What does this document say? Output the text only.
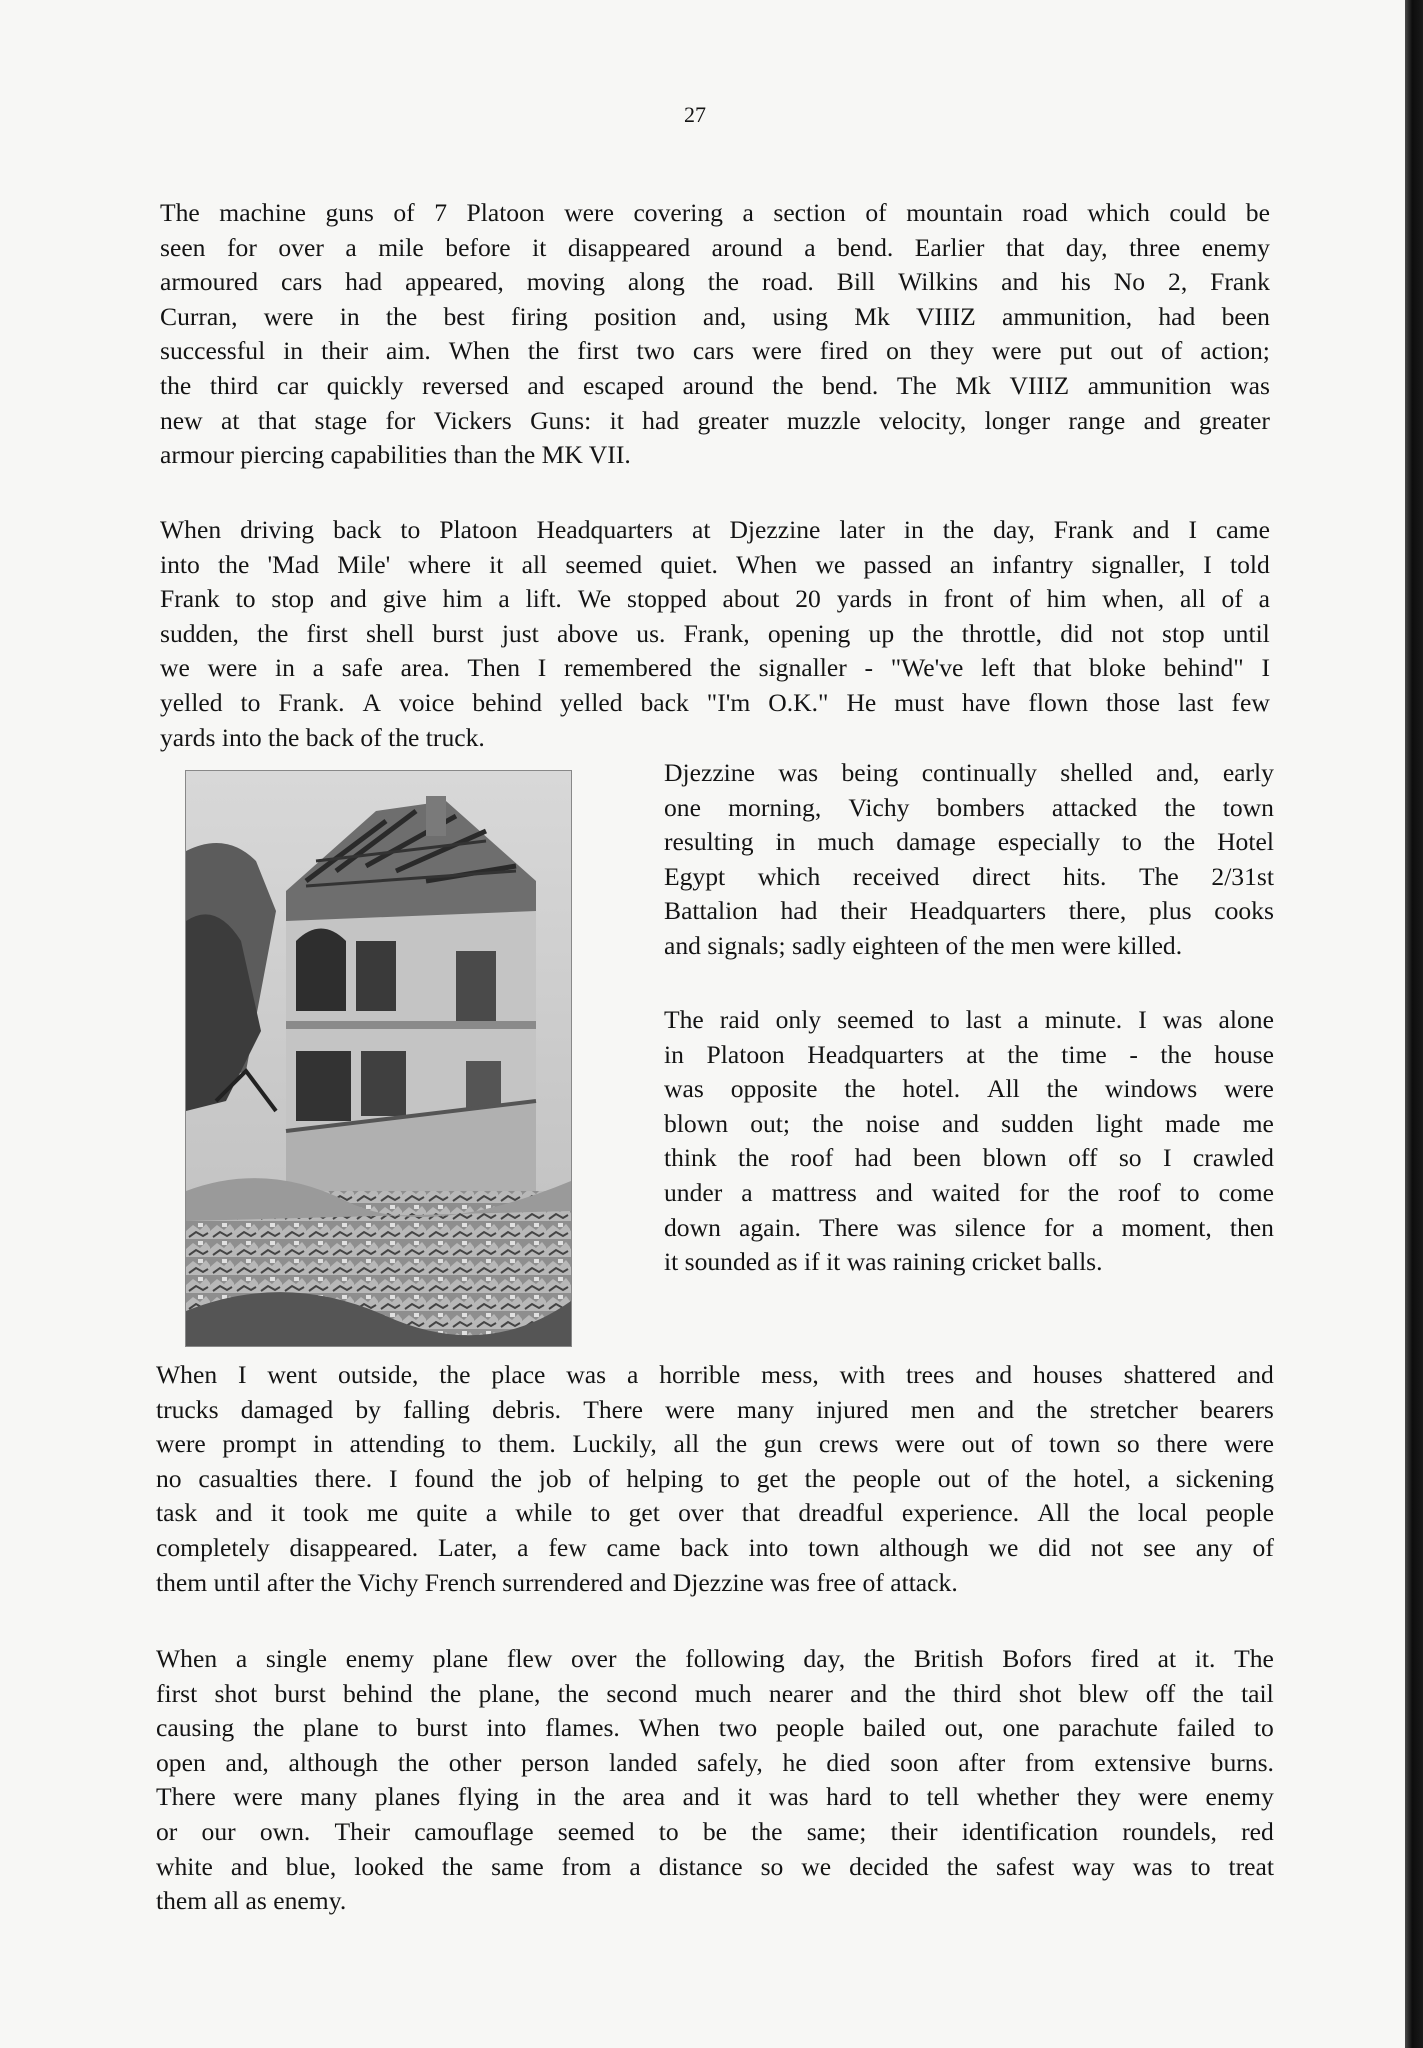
27
The machine guns of 7 Platoon were covering a section of mountain road which could be
seen for over a mile before it disappeared around a bend. Earlier that day, three enemy
armoured cars had appeared, moving along the road. Bill Wilkins and his No 2, Frank
Curran, were in the best firing position and, using Mk VIIIZ ammunition, had been
successful in their aim. When the first two cars were fired on they were put out of action;
the third car quickly reversed and escaped around the bend. The Mk VIIIZ ammunition was
new at that stage for Vickers Guns: it had greater muzzle velocity, longer range and greater
armour piercing capabilities than the MK VII.
When driving back to Platoon Headquarters at Djezzine later in the day, Frank and I came
into the 'Mad Mile' where it all seemed quiet. When we passed an infantry signaller, I told
Frank to stop and give him a lift. We stopped about 20 yards in front of him when, all of a
sudden, the first shell burst just above us. Frank, opening up the throttle, did not stop until
we were in a safe area. Then I remembered the signaller - "We've left that bloke behind" I
yelled to Frank. A voice behind yelled back "I'm O.K." He must have flown those last few
yards into the back of the truck.
Djezzine was being continually shelled and, early
one morning, Vichy bombers attacked the town
resulting in much damage especially to the Hotel
Egypt which received direct hits. The 2/31st
Battalion had their Headquarters there, plus cooks
and signals; sadly eighteen of the men were killed.
The raid only seemed to last a minute. I was alone
in Platoon Headquarters at the time - the house
was opposite the hotel. All the windows were
blown out; the noise and sudden light made me
think the roof had been blown off so I crawled
under a mattress and waited for the roof to come
down again. There was silence for a moment, then
it sounded as if it was raining cricket balls.
When I went outside, the place was a horrible mess, with trees and houses shattered and
trucks damaged by falling debris. There were many injured men and the stretcher bearers
were prompt in attending to them. Luckily, all the gun crews were out of town so there were
no casualties there. I found the job of helping to get the people out of the hotel, a sickening
task and it took me quite a while to get over that dreadful experience. All the local people
completely disappeared. Later, a few came back into town although we did not see any of
them until after the Vichy French surrendered and Djezzine was free of attack.
When a single enemy plane flew over the following day, the British Bofors fired at it. The
first shot burst behind the plane, the second much nearer and the third shot blew off the tail
causing the plane to burst into flames. When two people bailed out, one parachute failed to
open and, although the other person landed safely, he died soon after from extensive burns.
There were many planes flying in the area and it was hard to tell whether they were enemy
or our own. Their camouflage seemed to be the same; their identification roundels, red
white and blue, looked the same from a distance so we decided the safest way was to treat
them all as enemy.
